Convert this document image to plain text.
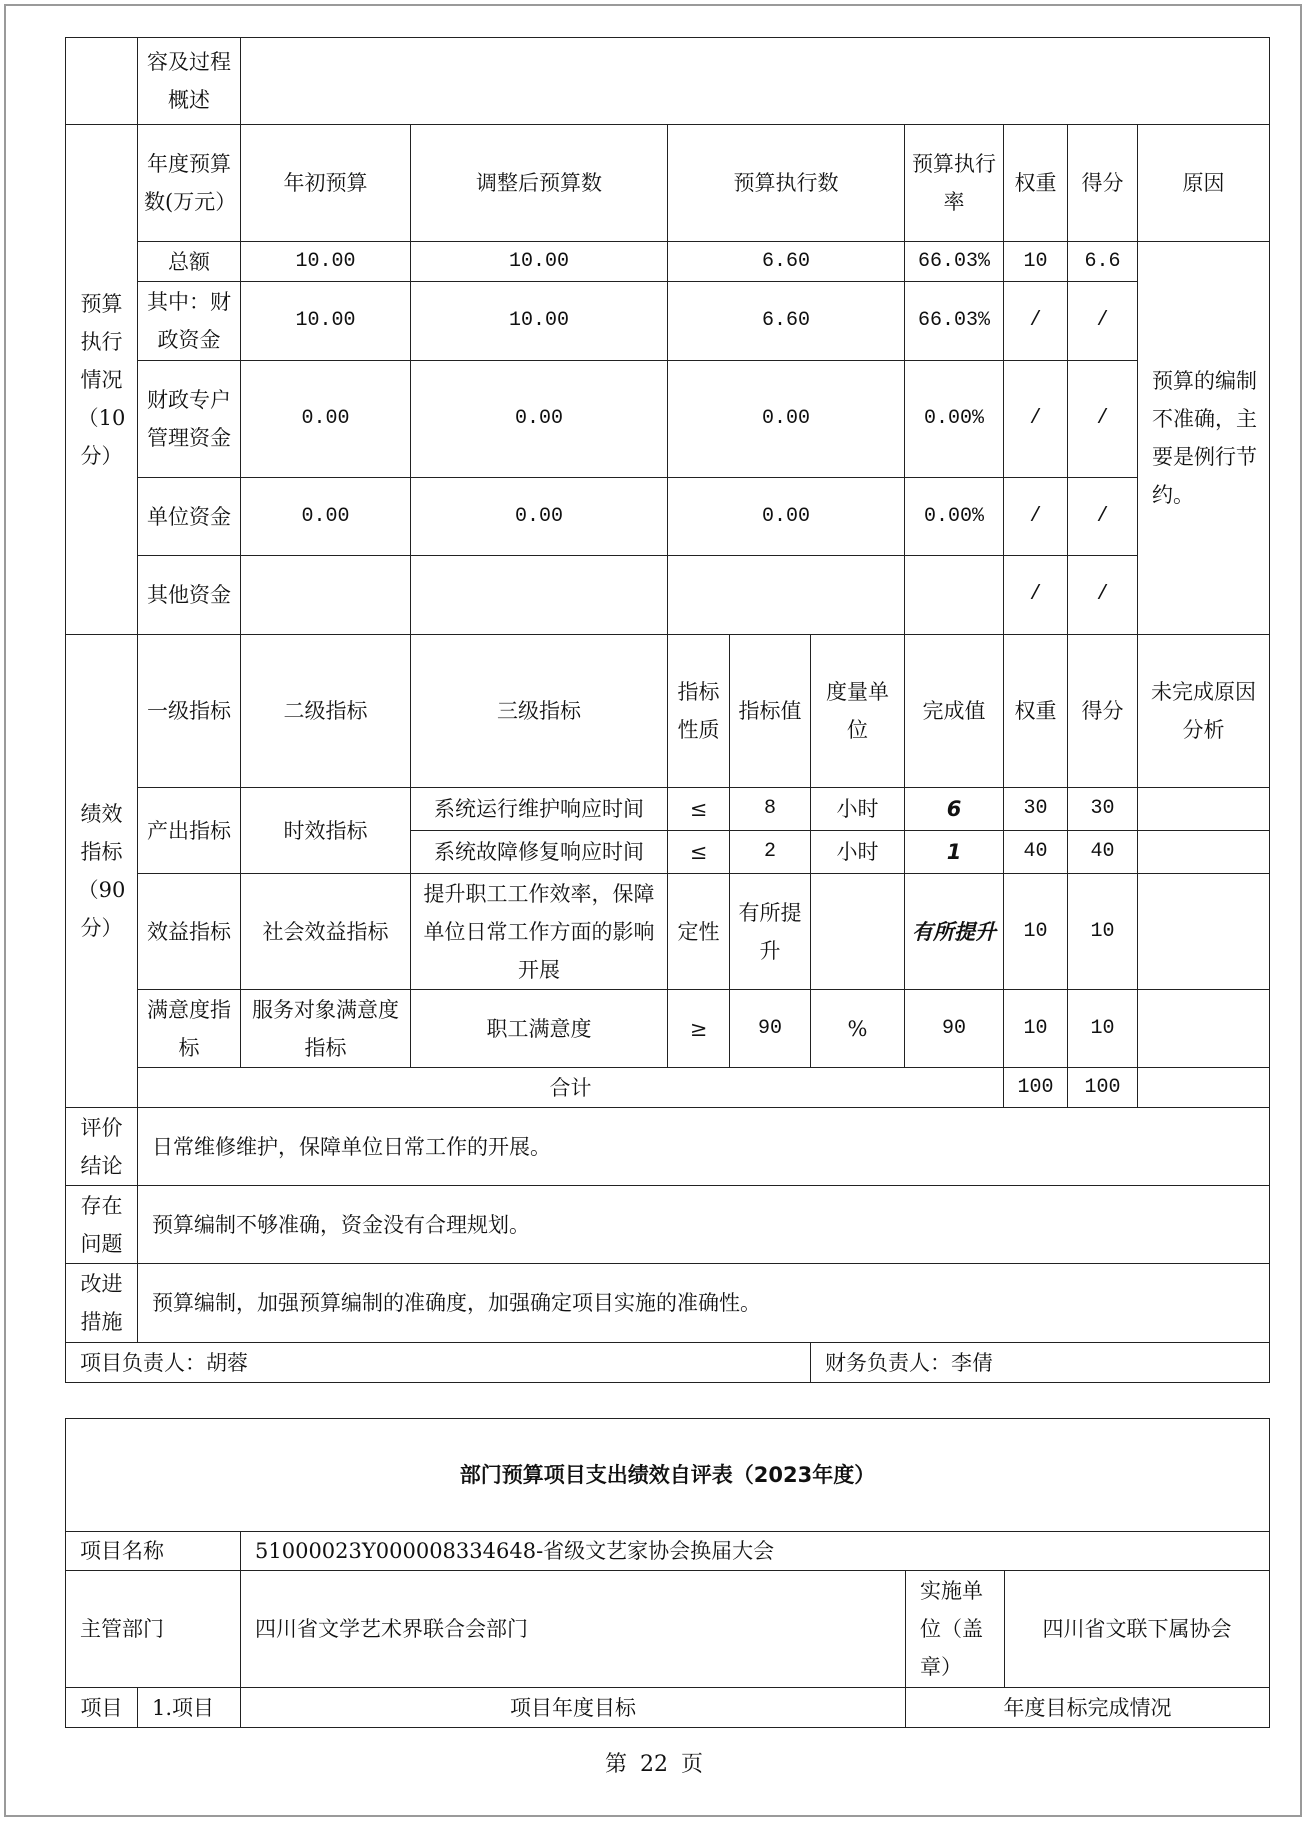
	容及过程概述									
预算执行情况（10分）	年度预算数(万元）	年初预算	调整后预算数	预算执行数			预算执行率	权重	得分	原因
	总额	10.00	10.00	6.60			66.03%	10	6.6	预算的编制不准确，主要是例行节约。
	其中：财政资金	10.00	10.00	6.60			66.03%	/	/	
	财政专户管理资金	0.00	0.00	0.00			0.00%	/	/	
	单位资金	0.00	0.00	0.00			0.00%	/	/	
	其他资金							/	/	
绩效指标（90分）	一级指标	二级指标	三级指标	指标性质	指标值	度量单位	完成值	权重	得分	未完成原因分析
	产出指标	时效指标	系统运行维护响应时间	≤	8	小时	6	30	30	
			系统故障修复响应时间	≤	2	小时	1	40	40	
	效益指标	社会效益指标	提升职工工作效率，保障单位日常工作方面的影响开展	定性	有所提升		有所提升	10	10	
	满意度指标	服务对象满意度指标	职工满意度	≥	90	%	90	10	10	
	合计							100	100	
评价结论	日常维修维护，保障单位日常工作的开展。									
存在问题	预算编制不够准确，资金没有合理规划。									
改进措施	预算编制，加强预算编制的准确度，加强确定项目实施的准确性。									
项目负责人：胡蓉						财务负责人：李倩				
部门预算项目支出绩效自评表（2023年度）				
项目名称		51000023Y000008334648-省级文艺家协会换届大会		
主管部门		四川省文学艺术界联合会部门	实施单位（盖章）	四川省文联下属协会
项目	1.项目	项目年度目标	年度目标完成情况	
第 22 页
